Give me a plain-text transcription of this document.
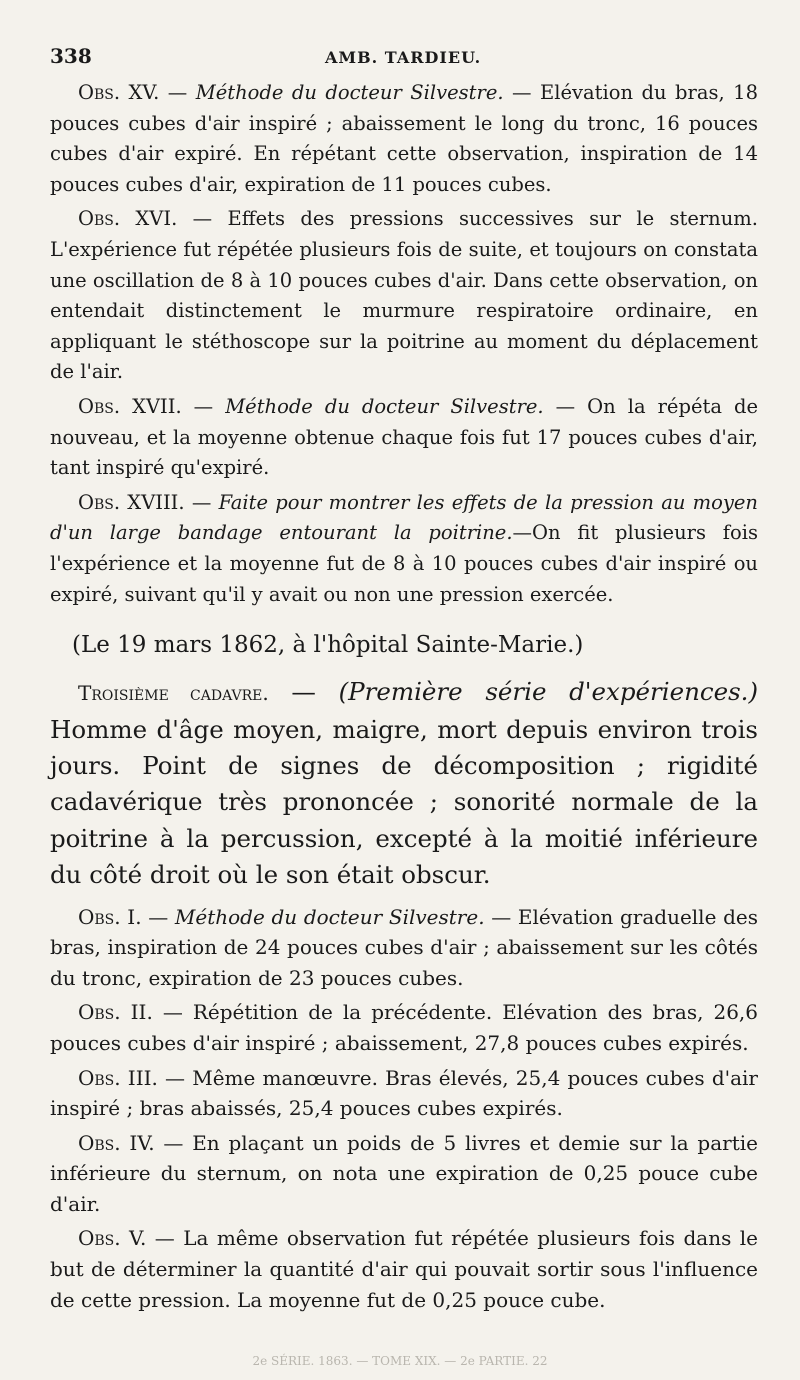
338	AMB. TARDIEU.

Obs. XV. — Méthode du docteur Silvestre. — Elévation du bras, 18 pouces cubes d'air inspiré ; abaissement le long du tronc, 16 pouces cubes d'air expiré. En répétant cette observation, inspiration de 14 pouces cubes d'air, expiration de 11 pouces cubes.

Obs. XVI. — Effets des pressions successives sur le sternum. L'expérience fut répétée plusieurs fois de suite, et toujours on constata une oscillation de 8 à 10 pouces cubes d'air. Dans cette observation, on entendait distinctement le murmure respiratoire ordinaire, en appliquant le stéthoscope sur la poitrine au moment du déplacement de l'air.

Obs. XVII. — Méthode du docteur Silvestre. — On la répéta de nouveau, et la moyenne obtenue chaque fois fut 17 pouces cubes d'air, tant inspiré qu'expiré.

Obs. XVIII. — Faite pour montrer les effets de la pression au moyen d'un large bandage entourant la poitrine.—On fit plusieurs fois l'expérience et la moyenne fut de 8 à 10 pouces cubes d'air inspiré ou expiré, suivant qu'il y avait ou non une pression exercée.

(Le 19 mars 1862, à l'hôpital Sainte-Marie.)

Troisième cadavre. — (Première série d'expériences.) Homme d'âge moyen, maigre, mort depuis environ trois jours. Point de signes de décomposition ; rigidité cadavérique très prononcée ; sonorité normale de la poitrine à la percussion, excepté à la moitié inférieure du côté droit où le son était obscur.

Obs. I. — Méthode du docteur Silvestre. — Elévation graduelle des bras, inspiration de 24 pouces cubes d'air ; abaissement sur les côtés du tronc, expiration de 23 pouces cubes.

Obs. II. — Répétition de la précédente. Elévation des bras, 26,6 pouces cubes d'air inspiré ; abaissement, 27,8 pouces cubes expirés.

Obs. III. — Même manœuvre. Bras élevés, 25,4 pouces cubes d'air inspiré ; bras abaissés, 25,4 pouces cubes expirés.

Obs. IV. — En plaçant un poids de 5 livres et demie sur la partie inférieure du sternum, on nota une expiration de 0,25 pouce cube d'air.

Obs. V. — La même observation fut répétée plusieurs fois dans le but de déterminer la quantité d'air qui pouvait sortir sous l'influence de cette pression. La moyenne fut de 0,25 pouce cube.

2e SÉRIE. 1863. — TOME XIX. — 2e PARTIE. 22
